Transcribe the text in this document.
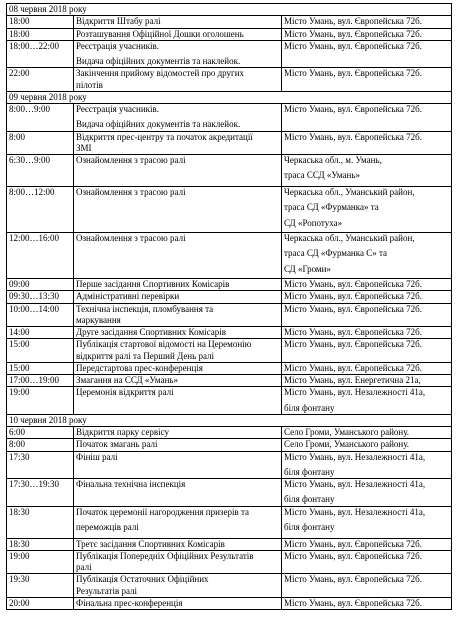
08 червня 2018 року		
18:00	Відкриття Штабу ралі	Місто Умань, вул. Європейська 72б.

18:00	Розташування Офіційної Дошки оголошень	Місто Умань, вул. Європейська 72б.

18:00…22:00	Реєстрація учасників.
Видача офіційних документів та наклейок.	Місто Умань, вул. Європейська 72б.

22:00	Закінчення прийому відомостей про других
пілотів	Місто Умань, вул. Європейська 72б.

09 червня 2018 року		
8:00…9:00	Реєстрація учасників.
Видача офіційних документів та наклейок.	Місто Умань, вул. Європейська 72б.

8:00	Відкриття прес-центру та початок акредитації
ЗМІ	Місто Умань, вул. Європейська 72б.

6:30…9:00	Ознайомлення з трасою ралі	Черкаська обл., м. Умань,
траса ССД «Умань»

8:00…12:00	Ознайомлення з трасою ралі	Черкаська обл., Уманський район,
траса СД «Фурманка» та
СД «Ропотуха»

12:00…16:00	Ознайомлення з трасою ралі	Черкаська обл., Уманський район,
траса СД «Фурманка С» та
СД «Громи»

09:00	Перше засідання Спортивних Комісарів	Місто Умань, вул. Європейська 72б.

09:30…13:30	Адміністративні перевірки	Місто Умань, вул. Європейська 72б.

10:00…14:00	Технічна інспекція, пломбування та
маркування	Місто Умань, вул. Європейська 72б.

14:00	Друге засідання Спортивних Комісарів	Місто Умань, вул. Європейська 72б.

15:00	Публікація стартової відомості на Церемонію
відкриття ралі та Перший День ралі	Місто Умань, вул. Європейська 72б.

15:00	Передстартова прес-конференція	Місто Умань, вул. Європейська 72б.

17:00…19:00	Змагання на ССД «Умань»	Місто Умань, вул. Енергетична 21а,

19:00	Церемонія відкриття ралі	Місто Умань, вул. Незалежності 41а,
біля фонтану

10 червня 2018 року		
6:00	Відкриття парку сервісу	Село Громи, Уманського району.

8:00	Початок змагань ралі	Село Громи, Уманського району.

17:30	Фініш ралі	Місто Умань, вул. Незалежності 41а,
біля фонтану

17:30…19:30	Фінальна технічна інспекція	Місто Умань, вул. Незалежності 41а,
біля фонтану

18:30	Початок церемонії нагородження призерів та
переможців ралі	Місто Умань, вул. Незалежності 41а,
біля фонтану

18:30	Третє засідання Спортивних Комісарів	Місто Умань, вул. Європейська 72б.

19:00	Публікація Попередніх Офіційних Результатів
ралі	Місто Умань, вул. Європейська 72б.

19:30	Публікація Остаточних Офіційних
Результатів ралі	Місто Умань, вул. Європейська 72б.

20:00	Фінальна прес-конференція	Місто Умань, вул. Європейська 72б.
